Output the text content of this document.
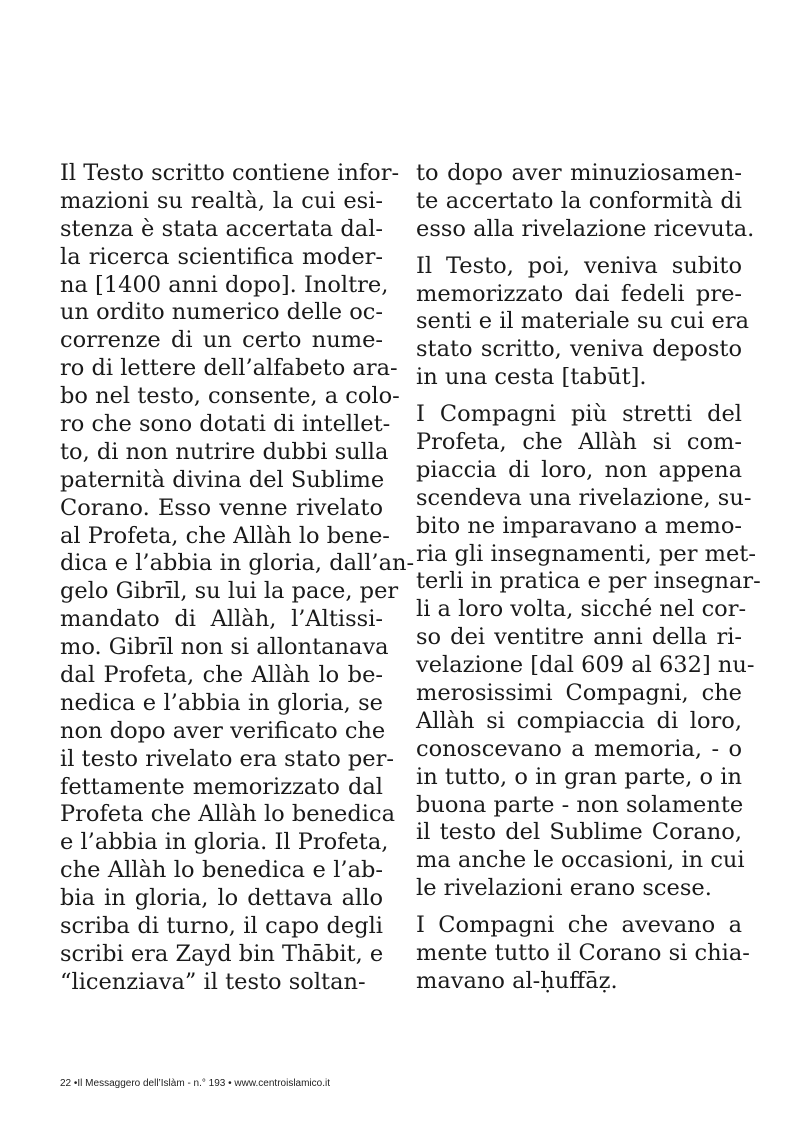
Il Testo scritto contiene infor-
mazioni su realtà, la cui esi-
stenza è stata accertata dal-
la ricerca scientifica moder-
na [1400 anni dopo]. Inoltre,
un ordito numerico delle oc-
correnze di un certo nume-
ro di lettere dell’alfabeto ara-
bo nel testo, consente, a colo-
ro che sono dotati di intellet-
to, di non nutrire dubbi sulla
paternità divina del Sublime
Corano. Esso venne rivelato
al Profeta, che Allàh lo bene-
dica e l’abbia in gloria, dall’an-
gelo Gibrīl, su lui la pace, per
mandato di Allàh, l’Altissi-
mo. Gibrīl non si allontanava
dal Profeta, che Allàh lo be-
nedica e l’abbia in gloria, se
non dopo aver verificato che
il testo rivelato era stato per-
fettamente memorizzato dal
Profeta che Allàh lo benedica
e l’abbia in gloria. Il Profeta,
che Allàh lo benedica e l’ab-
bia in gloria, lo dettava allo
scriba di turno, il capo degli
scribi era Zayd bin Thābit, e
“licenziava” il testo soltan-
to dopo aver minuziosamen-
te accertato la conformità di
esso alla rivelazione ricevuta.
Il Testo, poi, veniva subito
memorizzato dai fedeli pre-
senti e il materiale su cui era
stato scritto, veniva deposto
in una cesta [tabūt].
I Compagni più stretti del
Profeta, che Allàh si com-
piaccia di loro, non appena
scendeva una rivelazione, su-
bito ne imparavano a memo-
ria gli insegnamenti, per met-
terli in pratica e per insegnar-
li a loro volta, sicché nel cor-
so dei ventitre anni della ri-
velazione [dal 609 al 632] nu-
merosissimi Compagni, che
Allàh si compiaccia di loro,
conoscevano a memoria, - o
in tutto, o in gran parte, o in
buona parte - non solamente
il testo del Sublime Corano,
ma anche le occasioni, in cui
le rivelazioni erano scese.
I Compagni che avevano a
mente tutto il Corano si chia-
mavano al-ḥuffāẓ.
22 •Il Messaggero dell’Islàm - n.° 193 • www.centroislamico.it
